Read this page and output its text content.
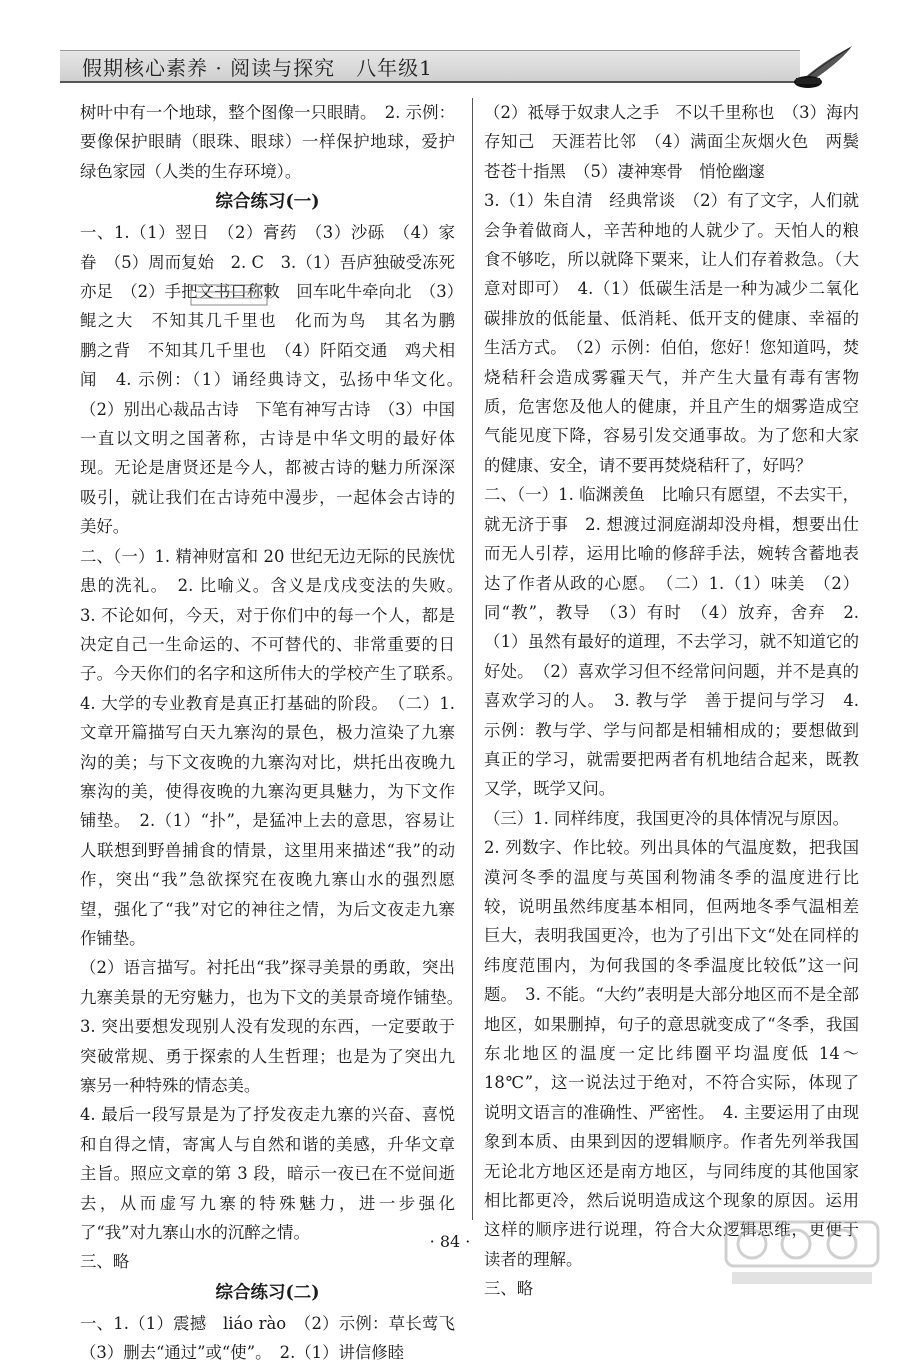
假期核心素养 · 阅读与探究　八年级1

树叶中有一个地球，整个图像一只眼睛。　2. 示例：要像保护眼睛（眼珠、眼球）一样保护地球，爱护绿色家园（人类的生存环境）。

综合练习(一)

一、1.（1）翌日　（2）膏药　（3）沙砾　（4）家眷　（5）周而复始　2. C　3.（1）吾庐独破受冻死亦足　（2）手把文书口称敕　回车叱牛牵向北　（3）鲲之大　不知其几千里也　化而为鸟　其名为鹏　鹏之背　不知其几千里也　（4）阡陌交通　鸡犬相闻　4. 示例：（1）诵经典诗文，弘扬中华文化。　（2）别出心裁品古诗　下笔有神写古诗　（3）中国一直以文明之国著称，古诗是中华文明的最好体现。无论是唐贤还是今人，都被古诗的魅力所深深吸引，就让我们在古诗苑中漫步，一起体会古诗的美好。

二、（一）1. 精神财富和 20 世纪无边无际的民族忧患的洗礼。　2. 比喻义。含义是戊戌变法的失败。　3. 不论如何，今天，对于你们中的每一个人，都是决定自己一生命运的、不可替代的、非常重要的日子。今天你们的名字和这所伟大的学校产生了联系。　4. 大学的专业教育是真正打基础的阶段。　（二）1. 文章开篇描写白天九寨沟的景色，极力渲染了九寨沟的美；与下文夜晚的九寨沟对比，烘托出夜晚九寨沟的美，使得夜晚的九寨沟更具魅力，为下文作铺垫。　2.（1）“扑”，是猛冲上去的意思，容易让人联想到野兽捕食的情景，这里用来描述“我”的动作，突出“我”急欲探究在夜晚九寨山水的强烈愿望，强化了“我”对它的神往之情，为后文夜走九寨作铺垫。

（2）语言描写。衬托出“我”探寻美景的勇敢，突出九寨美景的无穷魅力，也为下文的美景奇境作铺垫。　3. 突出要想发现别人没有发现的东西，一定要敢于突破常规、勇于探索的人生哲理；也是为了突出九寨另一种特殊的情态美。

4. 最后一段写景是为了抒发夜走九寨的兴奋、喜悦和自得之情，寄寓人与自然和谐的美感，升华文章主旨。照应文章的第 3 段，暗示一夜已在不觉间逝去，从而虚写九寨的特殊魅力，进一步强化了“我”对九寨山水的沉醉之情。

三、略

综合练习(二)

一、1.（1）震撼　liáo rào　（2）示例：草长莺飞　（3）删去“通过”或“使”。　2.（1）讲信修睦

（2）祗辱于奴隶人之手　不以千里称也　（3）海内存知己　天涯若比邻　（4）满面尘灰烟火色　两鬓苍苍十指黑　（5）凄神寒骨　悄怆幽邃

3.（1）朱自清　经典常谈　（2）有了文字，人们就会争着做商人，辛苦种地的人就少了。天怕人的粮食不够吃，所以就降下粟来，让人们存着救急。（大意对即可）　4.（1）低碳生活是一种为减少二氧化碳排放的低能量、低消耗、低开支的健康、幸福的生活方式。　（2）示例：伯伯，您好！您知道吗，焚烧秸秆会造成雾霾天气，并产生大量有毒有害物质，危害您及他人的健康，并且产生的烟雾造成空气能见度下降，容易引发交通事故。为了您和大家的健康、安全，请不要再焚烧秸秆了，好吗？

二、（一）1. 临渊羡鱼　比喻只有愿望，不去实干，就无济于事　2. 想渡过洞庭湖却没舟楫，想要出仕而无人引荐，运用比喻的修辞手法，婉转含蓄地表达了作者从政的心愿。　（二）1.（1）味美　（2）同“教”，教导　（3）有时　（4）放弃，舍弃　2.（1）虽然有最好的道理，不去学习，就不知道它的好处。　（2）喜欢学习但不经常问问题，并不是真的喜欢学习的人。　3. 教与学　善于提问与学习　4. 示例：教与学、学与问都是相辅相成的；要想做到真正的学习，就需要把两者有机地结合起来，既教又学，既学又问。

（三）1. 同样纬度，我国更冷的具体情况与原因。

2. 列数字、作比较。列出具体的气温度数，把我国漠河冬季的温度与英国利物浦冬季的温度进行比较，说明虽然纬度基本相同，但两地冬季气温相差巨大，表明我国更冷，也为了引出下文“处在同样的纬度范围内，为何我国的冬季温度比较低”这一问题。　3. 不能。“大约”表明是大部分地区而不是全部地区，如果删掉，句子的意思就变成了“冬季，我国东北地区的温度一定比纬圈平均温度低 14～18℃”，这一说法过于绝对，不符合实际，体现了说明文语言的准确性、严密性。　4. 主要运用了由现象到本质、由果到因的逻辑顺序。作者先列举我国无论北方地区还是南方地区，与同纬度的其他国家相比都更冷，然后说明造成这个现象的原因。运用这样的顺序进行说理，符合大众逻辑思维，更便于读者的理解。

三、略

· 84 ·
